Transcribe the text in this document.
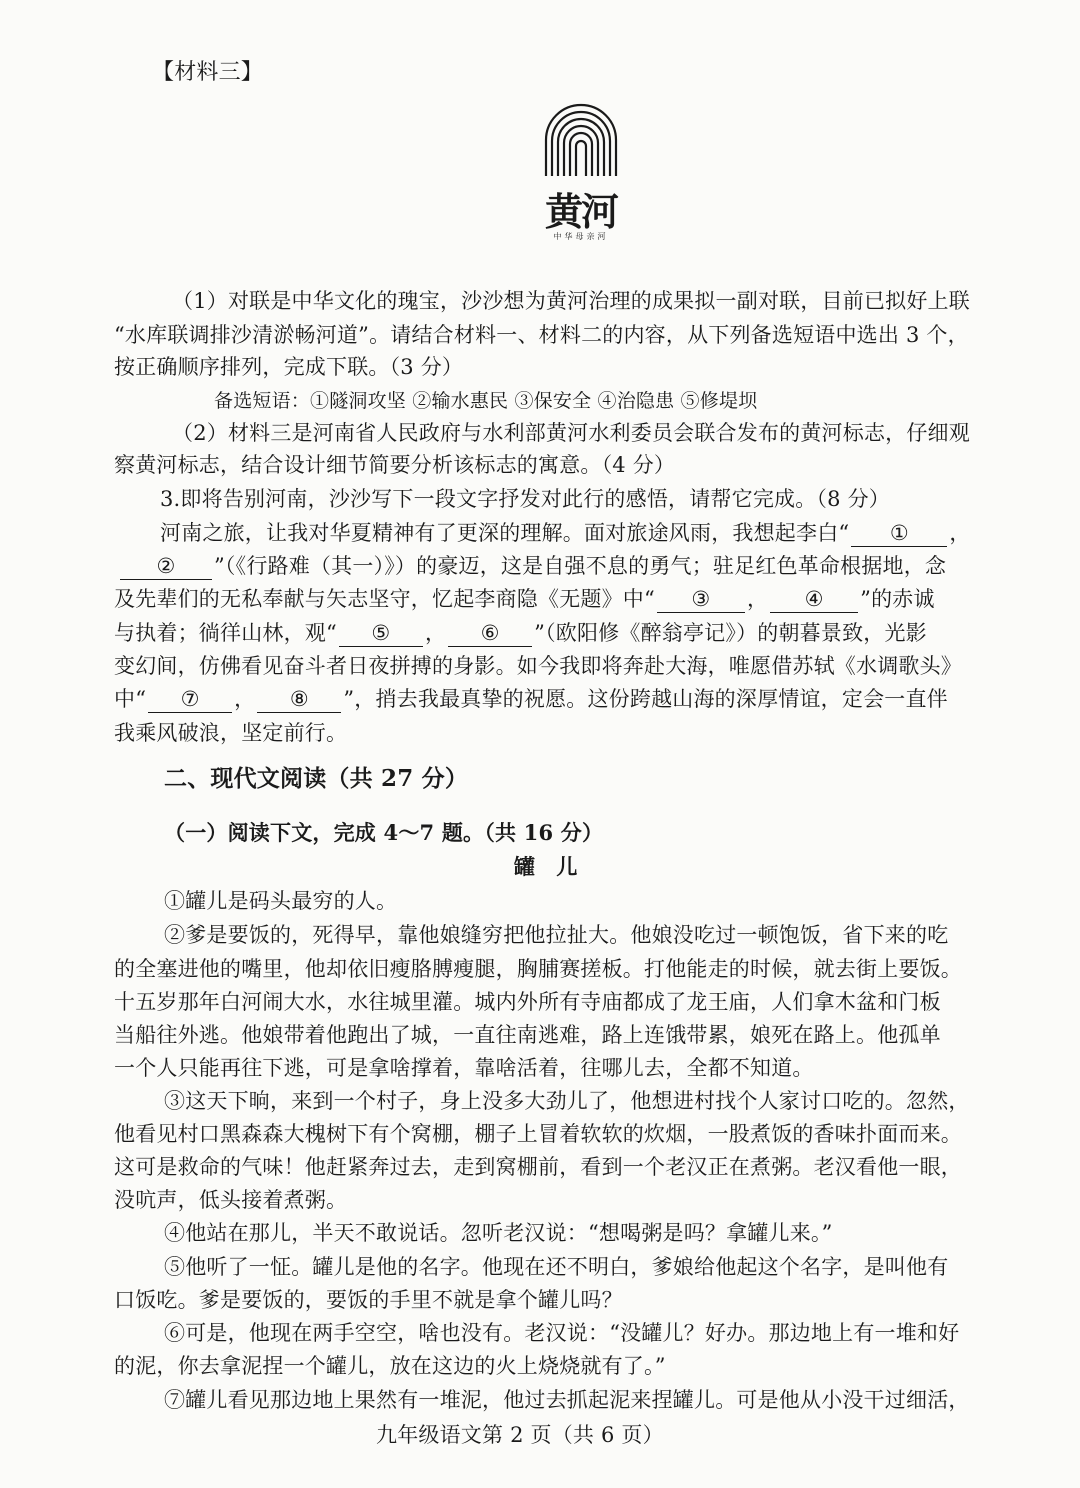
【材料三】
黄河
中华母亲河
（1）对联是中华文化的瑰宝，沙沙想为黄河治理的成果拟一副对联，目前已拟好上联
“水库联调排沙清淤畅河道”。请结合材料一、材料二的内容，从下列备选短语中选出 3 个，
按正确顺序排列，完成下联。（3 分）
备选短语：①隧洞攻坚 ②输水惠民 ③保安全 ④治隐患 ⑤修堤坝
（2）材料三是河南省人民政府与水利部黄河水利委员会联合发布的黄河标志，仔细观
察黄河标志，结合设计细节简要分析该标志的寓意。（4 分）
3.即将告别河南，沙沙写下一段文字抒发对此行的感悟，请帮它完成。（8 分）
河南之旅，让我对华夏精神有了更深的理解。面对旅途风雨，我想起李白“ ① ，
② ”（《行路难（其一）》）的豪迈，这是自强不息的勇气；驻足红色革命根据地，念
及先辈们的无私奉献与矢志坚守，忆起李商隐《无题》中“ ③ ， ④ ”的赤诚
与执着；徜徉山林，观“ ⑤ ， ⑥ ”（欧阳修《醉翁亭记》）的朝暮景致，光影
变幻间，仿佛看见奋斗者日夜拼搏的身影。如今我即将奔赴大海，唯愿借苏轼《水调歌头》
中“ ⑦ ， ⑧ ”，捎去我最真挚的祝愿。这份跨越山海的深厚情谊，定会一直伴
我乘风破浪，坚定前行。
二、现代文阅读（共 27 分）
（一）阅读下文，完成 4～7 题。（共 16 分）
罐　儿
①罐儿是码头最穷的人。
②爹是要饭的，死得早，靠他娘缝穷把他拉扯大。他娘没吃过一顿饱饭，省下来的吃
的全塞进他的嘴里，他却依旧瘦胳膊瘦腿，胸脯赛搓板。打他能走的时候，就去街上要饭。
十五岁那年白河闹大水，水往城里灌。城内外所有寺庙都成了龙王庙，人们拿木盆和门板
当船往外逃。他娘带着他跑出了城，一直往南逃难，路上连饿带累，娘死在路上。他孤单
一个人只能再往下逃，可是拿啥撑着，靠啥活着，往哪儿去，全都不知道。
③这天下晌，来到一个村子，身上没多大劲儿了，他想进村找个人家讨口吃的。忽然，
他看见村口黑森森大槐树下有个窝棚，棚子上冒着软软的炊烟，一股煮饭的香味扑面而来。
这可是救命的气味！他赶紧奔过去，走到窝棚前，看到一个老汉正在煮粥。老汉看他一眼，
没吭声，低头接着煮粥。
④他站在那儿，半天不敢说话。忽听老汉说：“想喝粥是吗？拿罐儿来。”
⑤他听了一怔。罐儿是他的名字。他现在还不明白，爹娘给他起这个名字，是叫他有
口饭吃。爹是要饭的，要饭的手里不就是拿个罐儿吗？
⑥可是，他现在两手空空，啥也没有。老汉说：“没罐儿？好办。那边地上有一堆和好
的泥，你去拿泥捏一个罐儿，放在这边的火上烧烧就有了。”
⑦罐儿看见那边地上果然有一堆泥，他过去抓起泥来捏罐儿。可是他从小没干过细活，
九年级语文第 2 页（共 6 页）
